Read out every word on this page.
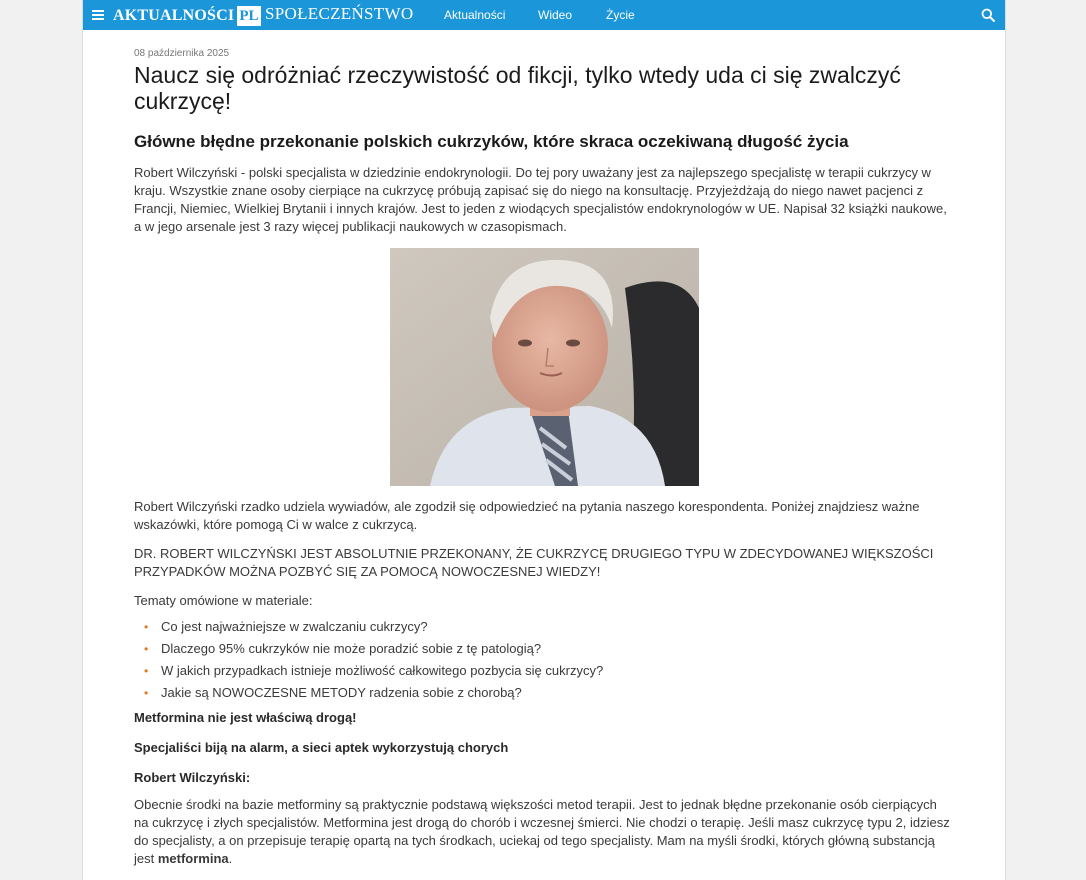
AKTUALNOŚCI PL SPOŁECZEŃSTWO	Aktualności	Wideo	Życie
08 października 2025
Naucz się odróżniać rzeczywistość od fikcji, tylko wtedy uda ci się zwalczyć cukrzycę!
Główne błędne przekonanie polskich cukrzyków, które skraca oczekiwaną długość życia

Robert Wilczyński - polski specjalista w dziedzinie endokrynologii. Do tej pory uważany jest za najlepszego specjalistę w terapii cukrzycy w kraju. Wszystkie znane osoby cierpiące na cukrzycę próbują zapisać się do niego na konsultację. Przyjeżdżają do niego nawet pacjenci z Francji, Niemiec, Wielkiej Brytanii i innych krajów. Jest to jeden z wiodących specjalistów endokrynologów w UE. Napisał 32 książki naukowe, a w jego arsenale jest 3 razy więcej publikacji naukowych w czasopismach.

Robert Wilczyński rzadko udziela wywiadów, ale zgodził się odpowiedzieć na pytania naszego korespondenta. Poniżej znajdziesz ważne wskazówki, które pomogą Ci w walce z cukrzycą.

DR. ROBERT WILCZYŃSKI JEST ABSOLUTNIE PRZEKONANY, ŻE CUKRZYCĘ DRUGIEGO TYPU W ZDECYDOWANEJ WIĘKSZOŚCI PRZYPADKÓW MOŻNA POZBYĆ SIĘ ZA POMOCĄ NOWOCZESNEJ WIEDZY!

Tematy omówione w materiale:

• Co jest najważniejsze w zwalczaniu cukrzycy?
• Dlaczego 95% cukrzyków nie może poradzić sobie z tę patologią?
• W jakich przypadkach istnieje możliwość całkowitego pozbycia się cukrzycy?
• Jakie są NOWOCZESNE METODY radzenia sobie z chorobą?
Metformina nie jest właściwą drogą!
Specjaliści biją na alarm, a sieci aptek wykorzystują chorych
Robert Wilczyński:

Obecnie środki na bazie metforminy są praktycznie podstawą większości metod terapii. Jest to jednak błędne przekonanie osób cierpiących na cukrzycę i złych specjalistów. Metformina jest drogą do chorób i wczesnej śmierci. Nie chodzi o terapię. Jeśli masz cukrzycę typu 2, idziesz do specjalisty, a on przepisuje terapię opartą na tych środkach, uciekaj od tego specjalisty. Mam na myśli środki, których główną substancją jest metformina.
